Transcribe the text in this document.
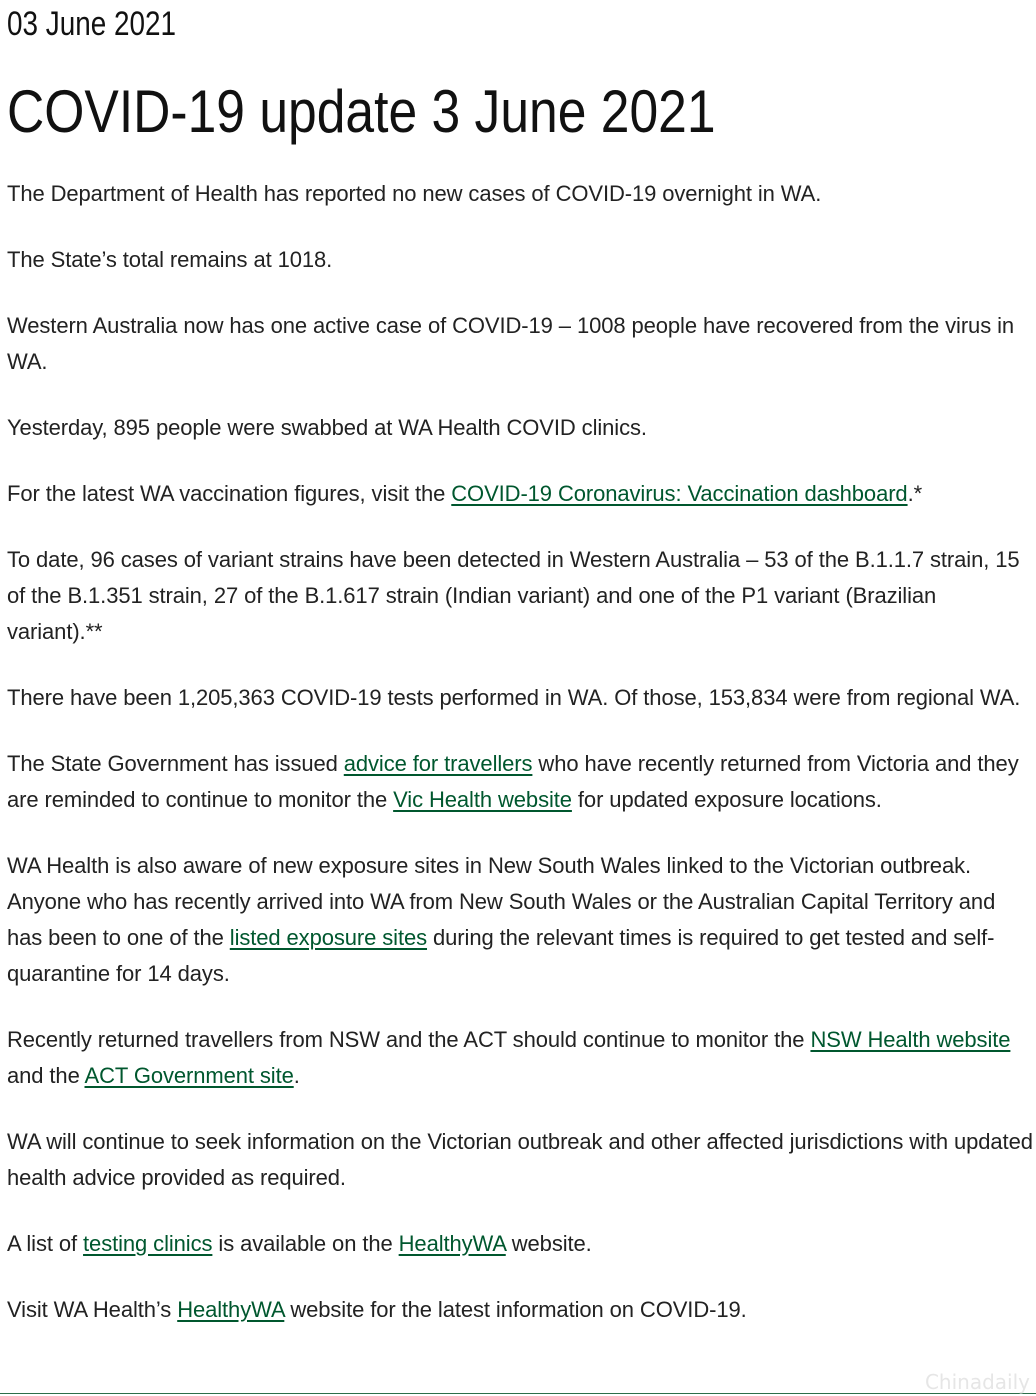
03 June 2021
COVID-19 update 3 June 2021

The Department of Health has reported no new cases of COVID-19 overnight in WA.

The State’s total remains at 1018.

Western Australia now has one active case of COVID-19 – 1008 people have recovered from the virus in WA.

Yesterday, 895 people were swabbed at WA Health COVID clinics.

For the latest WA vaccination figures, visit the COVID-19 Coronavirus: Vaccination dashboard.*

To date, 96 cases of variant strains have been detected in Western Australia – 53 of the B.1.1.7 strain, 15 of the B.1.351 strain, 27 of the B.1.617 strain (Indian variant) and one of the P1 variant (Brazilian variant).**

There have been 1,205,363 COVID-19 tests performed in WA. Of those, 153,834 were from regional WA.

The State Government has issued advice for travellers who have recently returned from Victoria and they are reminded to continue to monitor the Vic Health website for updated exposure locations.

WA Health is also aware of new exposure sites in New South Wales linked to the Victorian outbreak. Anyone who has recently arrived into WA from New South Wales or the Australian Capital Territory and has been to one of the listed exposure sites during the relevant times is required to get tested and self-quarantine for 14 days.

Recently returned travellers from NSW and the ACT should continue to monitor the NSW Health website and the ACT Government site.

WA will continue to seek information on the Victorian outbreak and other affected jurisdictions with updated health advice provided as required.

A list of testing clinics is available on the HealthyWA website.

Visit WA Health’s HealthyWA website for the latest information on COVID-19.

Chinadaily
